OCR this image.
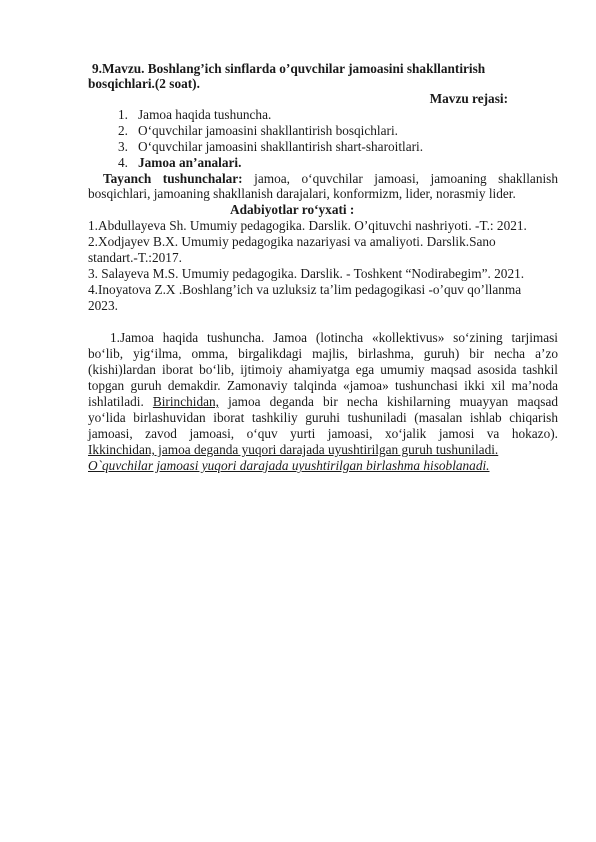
9.Mavzu. Boshlang’ich sinflarda o’quvchilar jamoasini shakllantirish
bosqichlari.(2 soat).
Mavzu rejasi:
1. Jamoa haqida tushuncha.
2. O‘quvchilar jamoasini shakllantirish bosqichlari.
3. O‘quvchilar jamoasini shakllantirish shart-sharoitlari.
4. Jamoa an’analari.
Tayanch tushunchalar: jamoa, o‘quvchilar jamoasi, jamoaning shakllanish
bosqichlari, jamoaning shakllanish darajalari, konformizm, lider, norasmiy lider.
Adabiyotlar ro‘yxati :
1.Abdullayeva Sh. Umumiy pedagogika. Darslik. O’qituvchi nashriyoti. -T.: 2021.
2.Xodjayev B.X. Umumiy pedagogika nazariyasi va amaliyoti. Darslik.Sano
standart.-T.:2017.
3. Salayeva M.S. Umumiy pedagogika. Darslik. - Toshkent “Nodirabegim”. 2021.
4.Inoyatova Z.X .Boshlang’ich va uzluksiz ta’lim pedagogikasi -o’quv qo’llanma
2023.
1.Jamoa haqida tushuncha. Jamoa (lotincha «kollektivus» so‘zining tarjimasi
bo‘lib, yig‘ilma, omma, birgalikdagi majlis, birlashma, guruh) bir necha a’zo
(kishi)lardan iborat bo‘lib, ijtimoiy ahamiyatga ega umumiy maqsad asosida tashkil
topgan guruh demakdir. Zamonaviy talqinda «jamoa» tushunchasi ikki xil ma’noda
ishlatiladi. Birinchidan, jamoa deganda bir necha kishilarning muayyan maqsad
yo‘lida birlashuvidan iborat tashkiliy guruhi tushuniladi (masalan ishlab chiqarish
jamoasi, zavod jamoasi, o‘quv yurti jamoasi, xo‘jalik jamosi va hokazo).
Ikkinchidan, jamoa deganda yuqori darajada uyushtirilgan guruh tushuniladi.
O`quvchilar jamoasi yuqori darajada uyushtirilgan birlashma hisoblanadi.
